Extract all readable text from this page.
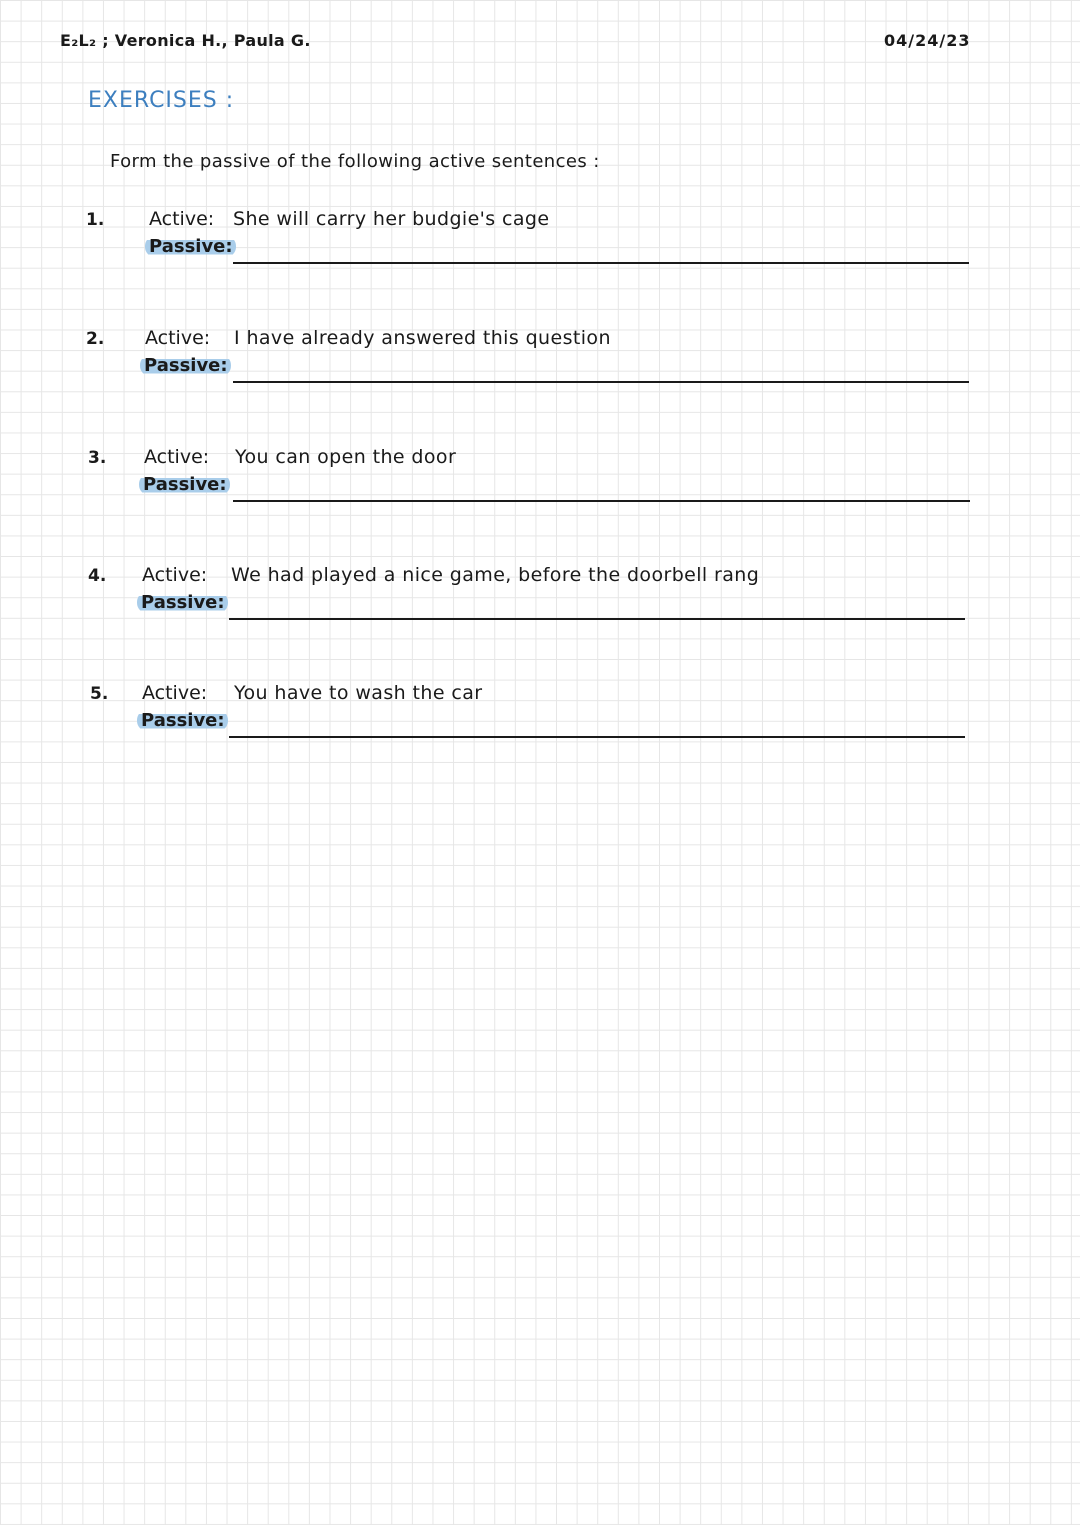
E₂L₂ ; Veronica H., Paula G.	04/24/23
EXERCISES :
Form the passive of the following active sentences :
1. Active: She will carry her budgie's cage
Passive:
2. Active: I have already answered this question
Passive:
3. Active: You can open the door
Passive:
4. Active: We had played a nice game, before the doorbell rang
Passive:
5. Active: You have to wash the car
Passive:
